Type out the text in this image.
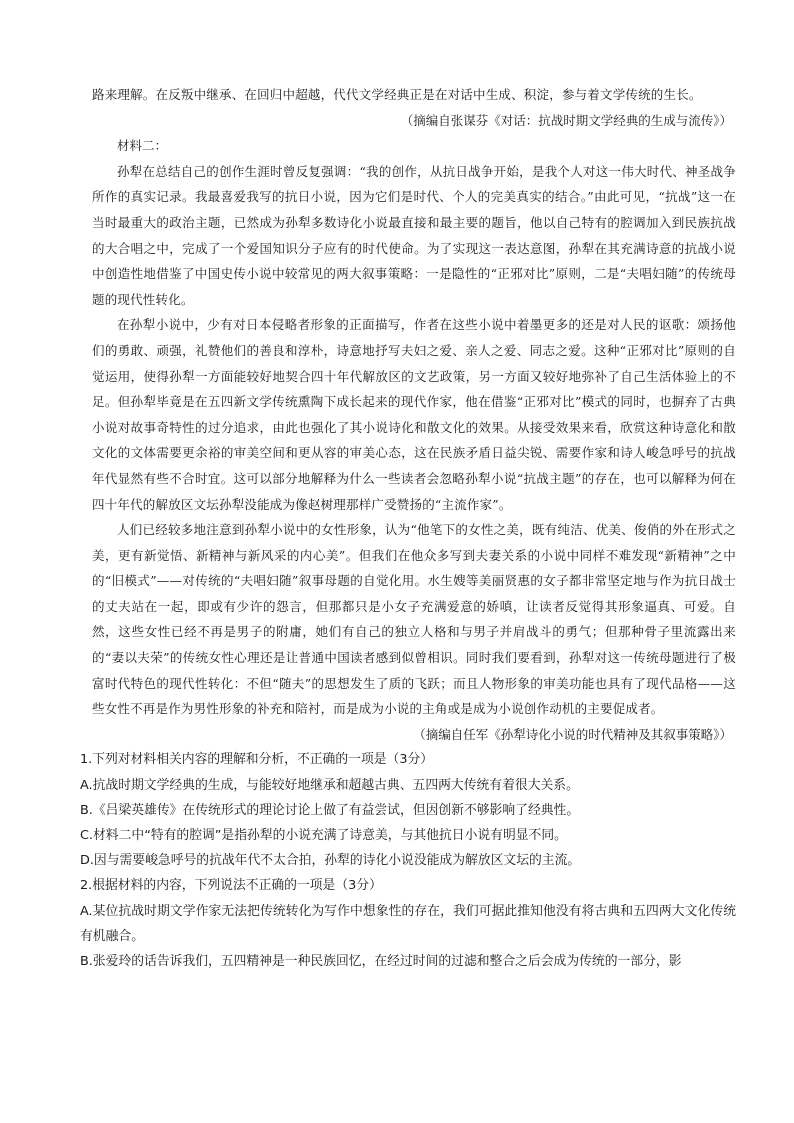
路来理解。在反叛中继承、在回归中超越，代代文学经典正是在对话中生成、积淀，参与着文学传统的生长。

（摘编自张谋芬《对话：抗战时期文学经典的生成与流传》）

材料二：

孙犁在总结自己的创作生涯时曾反复强调：“我的创作，从抗日战争开始，是我个人对这一伟大时代、神圣战争所作的真实记录。我最喜爱我写的抗日小说，因为它们是时代、个人的完美真实的结合。”由此可见，“抗战”这一在当时最重大的政治主题，已然成为孙犁多数诗化小说最直接和最主要的题旨，他以自己特有的腔调加入到民族抗战的大合唱之中，完成了一个爱国知识分子应有的时代使命。为了实现这一表达意图，孙犁在其充满诗意的抗战小说中创造性地借鉴了中国史传小说中较常见的两大叙事策略：一是隐性的“正邪对比”原则，二是“夫唱妇随”的传统母题的现代性转化。

在孙犁小说中，少有对日本侵略者形象的正面描写，作者在这些小说中着墨更多的还是对人民的讴歌：颂扬他们的勇敢、顽强，礼赞他们的善良和淳朴，诗意地抒写夫妇之爱、亲人之爱、同志之爱。这种“正邪对比”原则的自觉运用，使得孙犁一方面能较好地契合四十年代解放区的文艺政策，另一方面又较好地弥补了自己生活体验上的不足。但孙犁毕竟是在五四新文学传统熏陶下成长起来的现代作家，他在借鉴“正邪对比”模式的同时，也摒弃了古典小说对故事奇特性的过分追求，由此也强化了其小说诗化和散文化的效果。从接受效果来看，欣赏这种诗意化和散文化的文体需要更余裕的审美空间和更从容的审美心态，这在民族矛盾日益尖锐、需要作家和诗人峻急呼号的抗战年代显然有些不合时宜。这可以部分地解释为什么一些读者会忽略孙犁小说“抗战主题”的存在，也可以解释为何在四十年代的解放区文坛孙犁没能成为像赵树理那样广受赞扬的“主流作家”。

人们已经较多地注意到孙犁小说中的女性形象，认为“他笔下的女性之美，既有纯洁、优美、俊俏的外在形式之美，更有新觉悟、新精神与新风采的内心美”。但我们在他众多写到夫妻关系的小说中同样不难发现“新精神”之中的“旧模式”——对传统的“夫唱妇随”叙事母题的自觉化用。水生嫂等美丽贤惠的女子都非常坚定地与作为抗日战士的丈夫站在一起，即或有少许的怨言，但那都只是小女子充满爱意的娇嗔，让读者反觉得其形象逼真、可爱。自然，这些女性已经不再是男子的附庸，她们有自己的独立人格和与男子并肩战斗的勇气；但那种骨子里流露出来的“妻以夫荣”的传统女性心理还是让普通中国读者感到似曾相识。同时我们要看到，孙犁对这一传统母题进行了极富时代特色的现代性转化：不但“随夫”的思想发生了质的飞跃；而且人物形象的审美功能也具有了现代品格——这些女性不再是作为男性形象的补充和陪衬，而是成为小说的主角或是成为小说创作动机的主要促成者。

（摘编自任军《孙犁诗化小说的时代精神及其叙事策略》）

1.下列对材料相关内容的理解和分析，不正确的一项是（3分）

A.抗战时期文学经典的生成，与能较好地继承和超越古典、五四两大传统有着很大关系。

B.《吕梁英雄传》在传统形式的理论讨论上做了有益尝试，但因创新不够影响了经典性。

C.材料二中“特有的腔调”是指孙犁的小说充满了诗意美，与其他抗日小说有明显不同。

D.因与需要峻急呼号的抗战年代不太合拍，孙犁的诗化小说没能成为解放区文坛的主流。

2.根据材料的内容，下列说法不正确的一项是（3分）

A.某位抗战时期文学作家无法把传统转化为写作中想象性的存在，我们可据此推知他没有将古典和五四两大文化传统有机融合。

B.张爱玲的话告诉我们，五四精神是一种民族回忆，在经过时间的过滤和整合之后会成为传统的一部分，影
